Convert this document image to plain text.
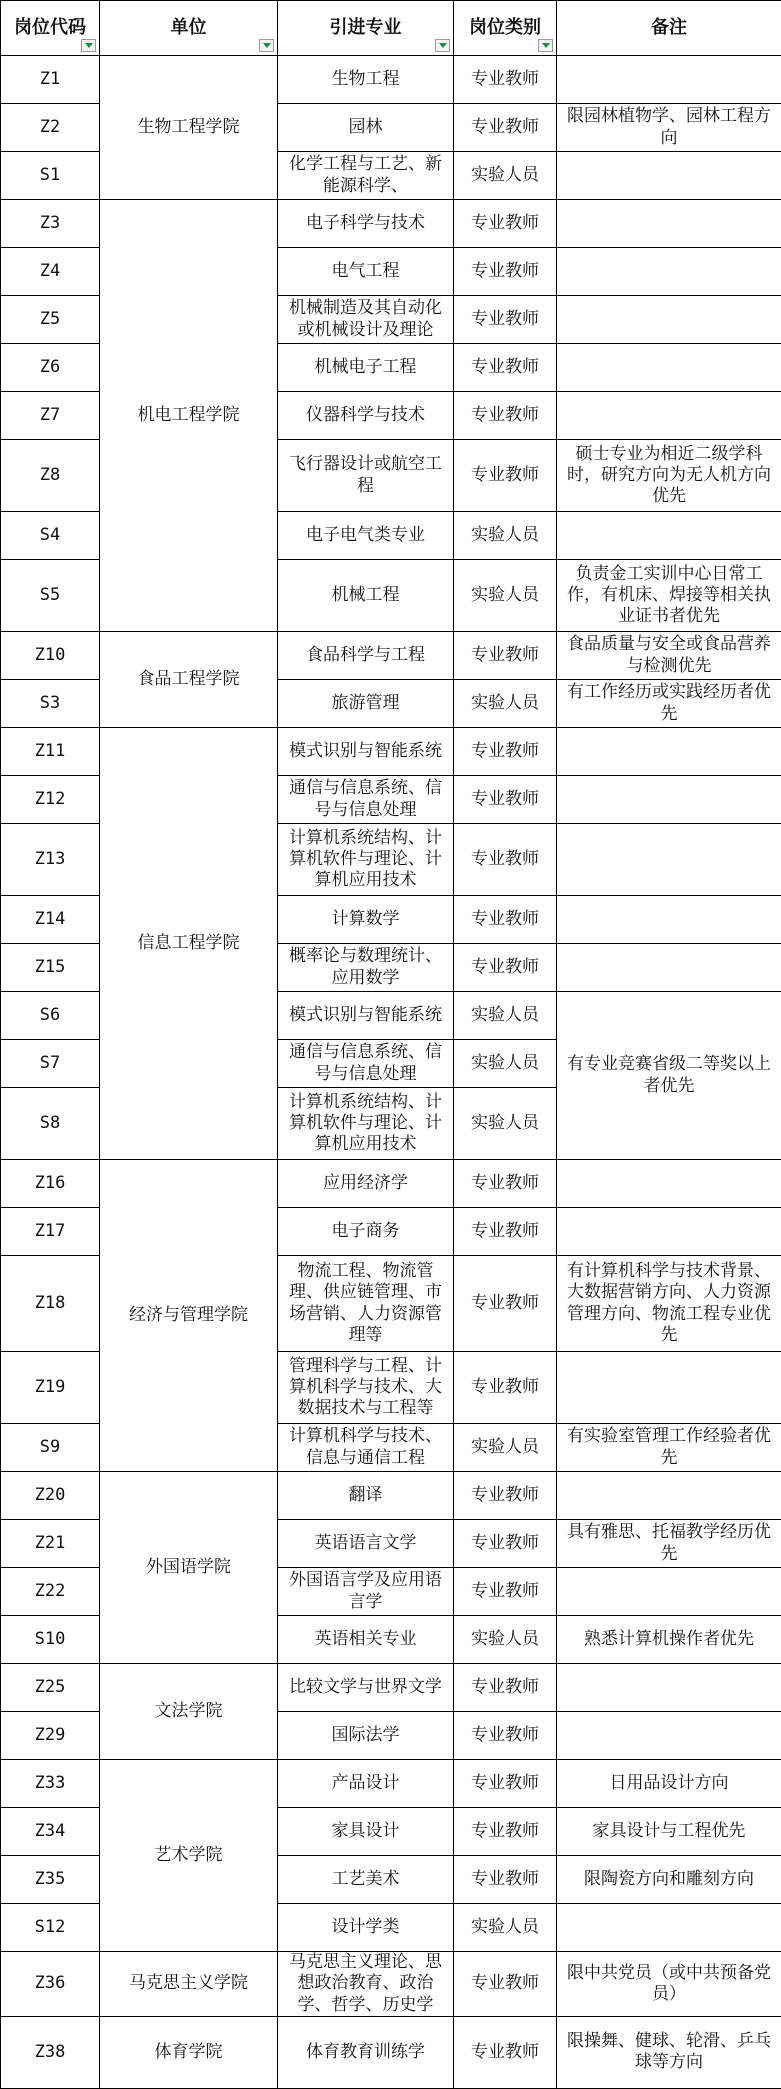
岗位代码	单位	引进专业	岗位类别	备注
Z1	生物工程学院	生物工程	专业教师	
Z2		园林	专业教师	限园林植物学、园林工程方向
S1		化学工程与工艺、新能源科学、	实验人员	
Z3	机电工程学院	电子科学与技术	专业教师	
Z4		电气工程	专业教师	
Z5		机械制造及其自动化或机械设计及理论	专业教师	
Z6		机械电子工程	专业教师	
Z7		仪器科学与技术	专业教师	
Z8		飞行器设计或航空工程	专业教师	硕士专业为相近二级学科时，研究方向为无人机方向优先
S4		电子电气类专业	实验人员	
S5		机械工程	实验人员	负责金工实训中心日常工作，有机床、焊接等相关执业证书者优先
Z10	食品工程学院	食品科学与工程	专业教师	食品质量与安全或食品营养与检测优先
S3		旅游管理	实验人员	有工作经历或实践经历者优先
Z11	信息工程学院	模式识别与智能系统	专业教师	
Z12		通信与信息系统、信号与信息处理	专业教师	
Z13		计算机系统结构、计算机软件与理论、计算机应用技术	专业教师	
Z14		计算数学	专业教师	
Z15		概率论与数理统计、应用数学	专业教师	
S6		模式识别与智能系统	实验人员	有专业竞赛省级二等奖以上者优先
S7		通信与信息系统、信号与信息处理	实验人员	
S8		计算机系统结构、计算机软件与理论、计算机应用技术	实验人员	
Z16	经济与管理学院	应用经济学	专业教师	
Z17		电子商务	专业教师	
Z18		物流工程、物流管理、供应链管理、市场营销、人力资源管理等	专业教师	有计算机科学与技术背景、大数据营销方向、人力资源管理方向、物流工程专业优先
Z19		管理科学与工程、计算机科学与技术、大数据技术与工程等	专业教师	
S9		计算机科学与技术、信息与通信工程	实验人员	有实验室管理工作经验者优先
Z20	外国语学院	翻译	专业教师	
Z21		英语语言文学	专业教师	具有雅思、托福教学经历优先
Z22		外国语言学及应用语言学	专业教师	
S10		英语相关专业	实验人员	熟悉计算机操作者优先
Z25	文法学院	比较文学与世界文学	专业教师	
Z29		国际法学	专业教师	
Z33	艺术学院	产品设计	专业教师	日用品设计方向
Z34		家具设计	专业教师	家具设计与工程优先
Z35		工艺美术	专业教师	限陶瓷方向和雕刻方向
S12		设计学类	实验人员	
Z36	马克思主义学院	马克思主义理论、思想政治教育、政治学、哲学、历史学	专业教师	限中共党员（或中共预备党员）
Z38	体育学院	体育教育训练学	专业教师	限操舞、健球、轮滑、乒乓球等方向
